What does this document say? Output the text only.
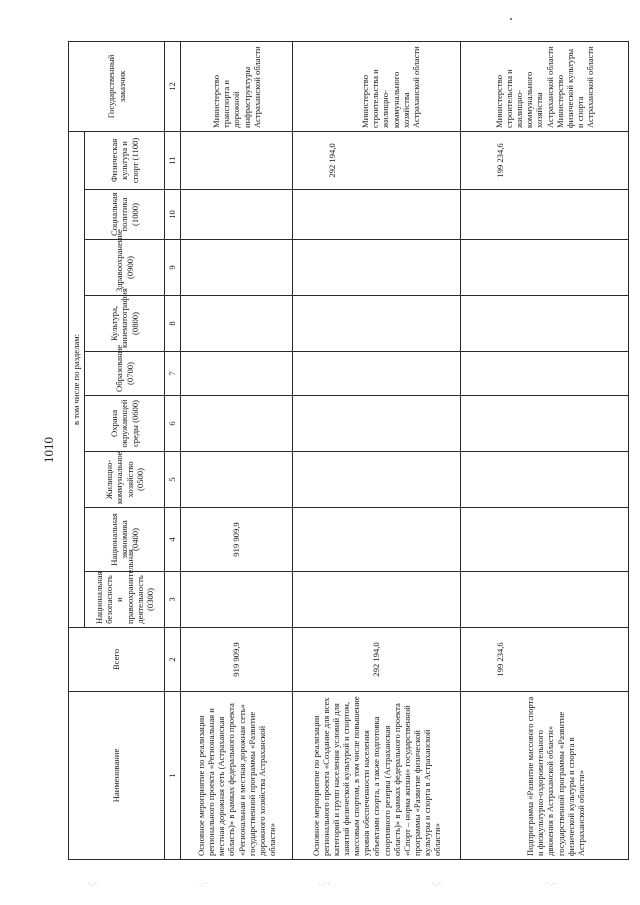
1010
Наименование	Всего	в том числе по разделам:									Государственный заказчик
		Национальная безопасность и правоохранительная деятельность (0300)	Национальная экономика (0400)	Жилищно-коммунальное хозяйство (0500)	Охрана окружающей среды (0600)	Образование (0700)	Культура, кинематография (0800)	Здравоохранение (0900)	Социальная политика (1000)	Физическая культура и спорт (1100)	
1	2	3	4	5	6	7	8	9	10	11	12
Основное мероприятие по реализации регионального проекта «Региональная и местная дорожная сеть (Астраханская область)» в рамках федерального проекта «Региональная и местная дорожная сеть» государственной программы «Развитие дорожного хозяйства Астраханской области»	919 909,9		919 909,9								Министерство транспорта и дорожной инфраструктуры Астраханской области
Основное мероприятие по реализации регионального проекта «Создание для всех категорий и групп населения условий для занятий физической культурой и спортом, массовым спортом, в том числе повышение уровня обеспеченности населения объектами спорта, а также подготовка спортивного резерва (Астраханская область)» в рамках федерального проекта «Спорт – норма жизни» государственной программы «Развитие физической культуры и спорта в Астраханской области»	292 194,0									292 194,0	Министерство строительства и жилищно-коммунального хозяйства Астраханской области
Подпрограмма «Развитие массового спорта и физкультурно-оздоровительного движения в Астраханской области» государственной программы «Развитие физической культуры и спорта в Астраханской области»	199 234,6									199 234,6	Министерство строительства и жилищно-коммунального хозяйства Астраханской области Министерство физической культуры и спорта Астраханской области
·.··	·.··	·.··	·.··	·.··
